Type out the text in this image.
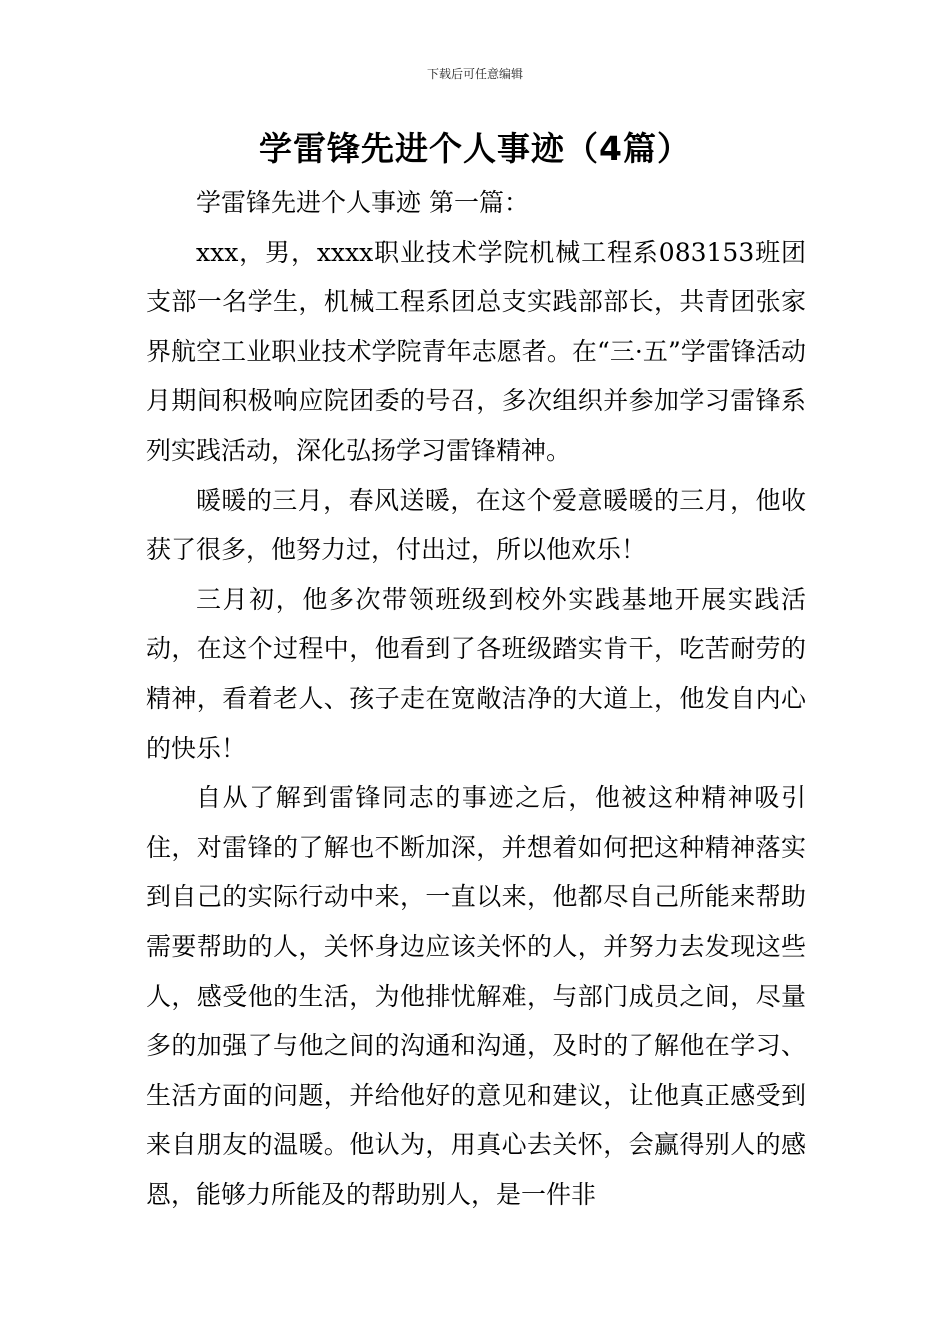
下载后可任意编辑
学雷锋先进个人事迹（4篇）

学雷锋先进个人事迹 第一篇：

xxx，男，xxxx职业技术学院机械工程系083153班团支部一名学生，机械工程系团总支实践部部长，共青团张家界航空工业职业技术学院青年志愿者。在“三·五”学雷锋活动月期间积极响应院团委的号召，多次组织并参加学习雷锋系列实践活动，深化弘扬学习雷锋精神。

暖暖的三月，春风送暖，在这个爱意暖暖的三月，他收获了很多，他努力过，付出过，所以他欢乐！

三月初，他多次带领班级到校外实践基地开展实践活动，在这个过程中，他看到了各班级踏实肯干，吃苦耐劳的精神，看着老人、孩子走在宽敞洁净的大道上，他发自内心的快乐！

自从了解到雷锋同志的事迹之后，他被这种精神吸引住，对雷锋的了解也不断加深，并想着如何把这种精神落实到自己的实际行动中来，一直以来，他都尽自己所能来帮助需要帮助的人，关怀身边应该关怀的人，并努力去发现这些人，感受他的生活，为他排忧解难，与部门成员之间，尽量多的加强了与他之间的沟通和沟通，及时的了解他在学习、生活方面的问题，并给他好的意见和建议，让他真正感受到来自朋友的温暖。他认为，用真心去关怀，会赢得别人的感恩，能够力所能及的帮助别人，是一件非
